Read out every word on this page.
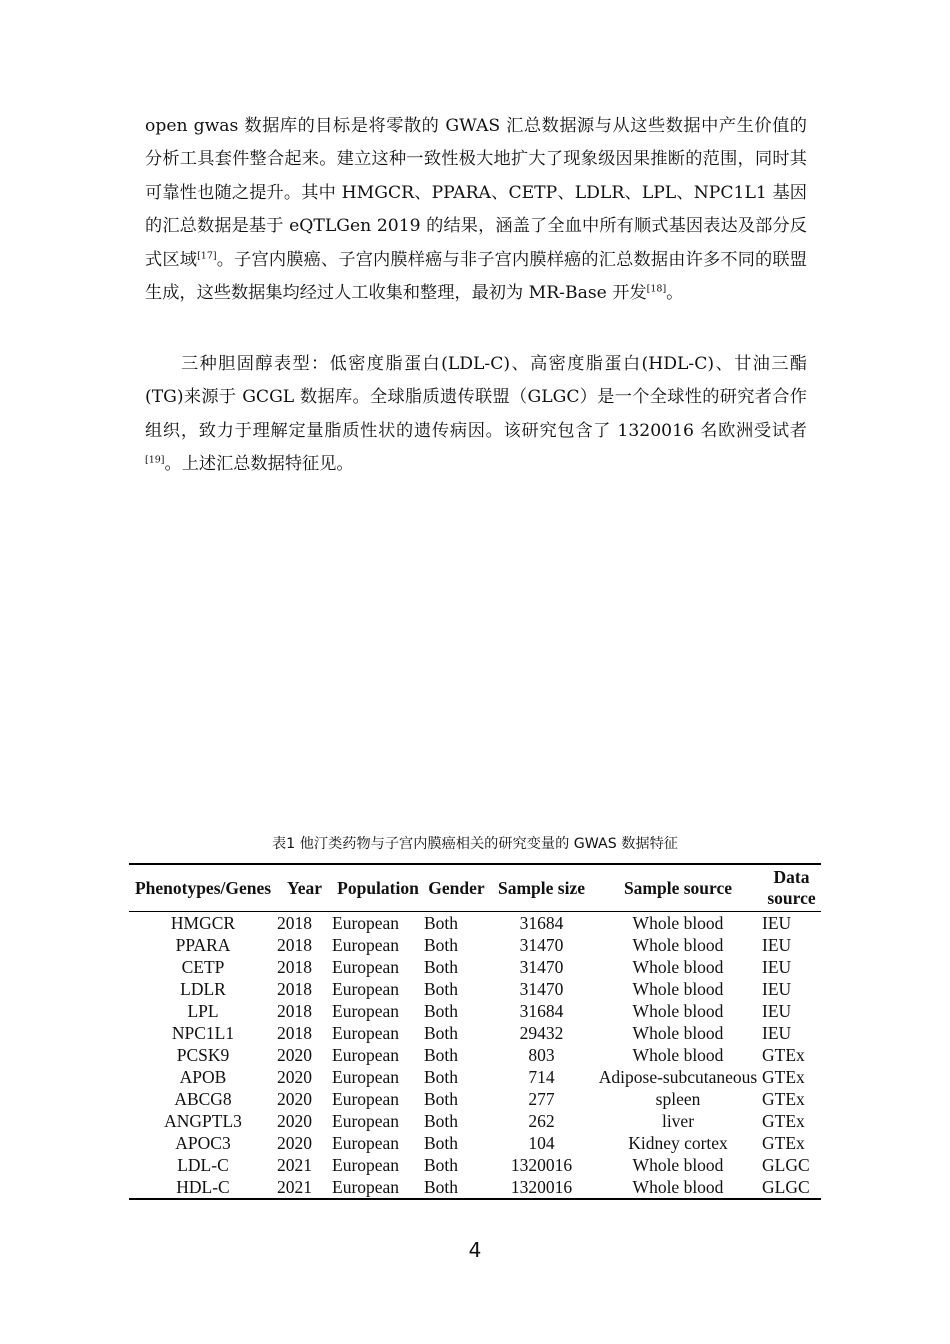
open gwas 数据库的目标是将零散的 GWAS 汇总数据源与从这些数据中产生价值的分析工具套件整合起来。建立这种一致性极大地扩大了现象级因果推断的范围，同时其可靠性也随之提升。其中 HMGCR、PPARA、CETP、LDLR、LPL、NPC1L1 基因的汇总数据是基于 eQTLGen 2019 的结果，涵盖了全血中所有顺式基因表达及部分反式区域[17]。子宫内膜癌、子宫内膜样癌与非子宫内膜样癌的汇总数据由许多不同的联盟生成，这些数据集均经过人工收集和整理，最初为 MR-Base 开发[18]。
三种胆固醇表型：低密度脂蛋白(LDL-C)、高密度脂蛋白(HDL-C)、甘油三酯(TG)来源于 GCGL 数据库。全球脂质遗传联盟（GLGC）是一个全球性的研究者合作组织，致力于理解定量脂质性状的遗传病因。该研究包含了 1320016 名欧洲受试者[19]。上述汇总数据特征见。
表1 他汀类药物与子宫内膜癌相关的研究变量的 GWAS 数据特征
Phenotypes/Genes	Year	Population	Gender	Sample size	Sample source	Data source
HMGCR	2018	European	Both	31684	Whole blood	IEU
PPARA	2018	European	Both	31470	Whole blood	IEU
CETP	2018	European	Both	31470	Whole blood	IEU
LDLR	2018	European	Both	31470	Whole blood	IEU
LPL	2018	European	Both	31684	Whole blood	IEU
NPC1L1	2018	European	Both	29432	Whole blood	IEU
PCSK9	2020	European	Both	803	Whole blood	GTEx
APOB	2020	European	Both	714	Adipose-subcutaneous	GTEx
ABCG8	2020	European	Both	277	spleen	GTEx
ANGPTL3	2020	European	Both	262	liver	GTEx
APOC3	2020	European	Both	104	Kidney cortex	GTEx
LDL-C	2021	European	Both	1320016	Whole blood	GLGC
HDL-C	2021	European	Both	1320016	Whole blood	GLGC
4
